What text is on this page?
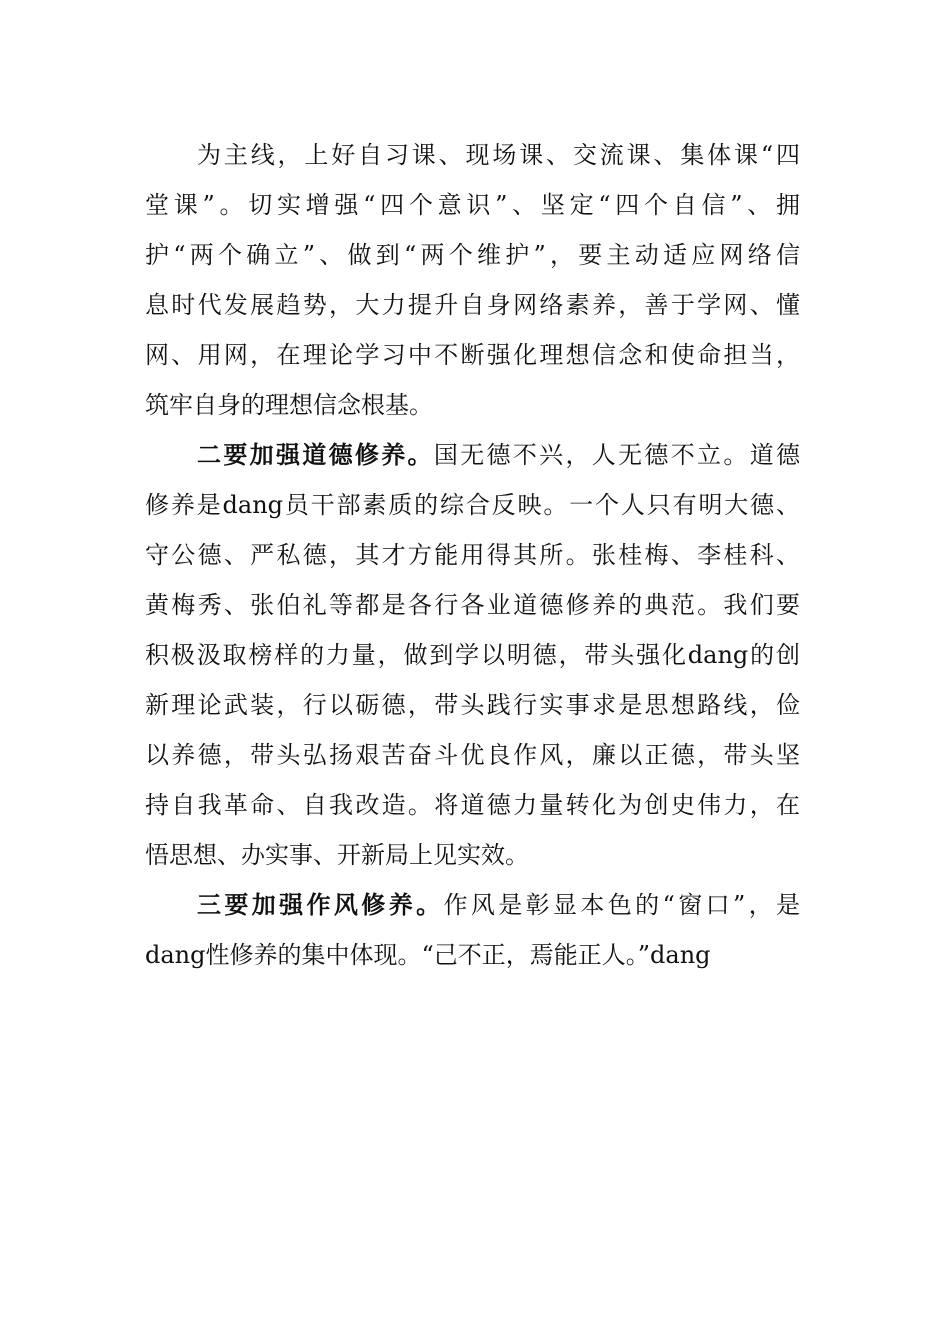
为主线，上好自习课、现场课、交流课、集体课“四
堂课”。切实增强“四个意识”、坚定“四个自信”、拥
护“两个确立”、做到“两个维护”，要主动适应网络信
息时代发展趋势，大力提升自身网络素养，善于学网、懂
网、用网，在理论学习中不断强化理想信念和使命担当，
筑牢自身的理想信念根基。
二要加强道德修养。国无德不兴，人无德不立。道德
修养是dang员干部素质的综合反映。一个人只有明大德、
守公德、严私德，其才方能用得其所。张桂梅、李桂科、
黄梅秀、张伯礼等都是各行各业道德修养的典范。我们要
积极汲取榜样的力量，做到学以明德，带头强化dang的创
新理论武装，行以砺德，带头践行实事求是思想路线，俭
以养德，带头弘扬艰苦奋斗优良作风，廉以正德，带头坚
持自我革命、自我改造。将道德力量转化为创史伟力，在
悟思想、办实事、开新局上见实效。
三要加强作风修养。作风是彰显本色的“窗口”，是
dang性修养的集中体现。“己不正，焉能正人。”dang
